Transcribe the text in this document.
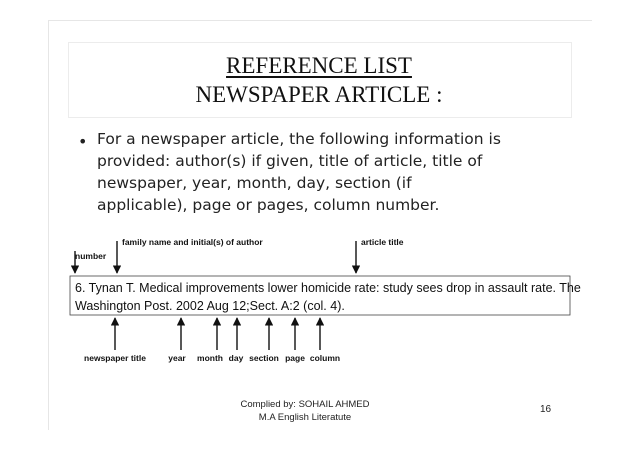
REFERENCE LIST
NEWSPAPER ARTICLE :
• For a newspaper article, the following information is
provided: author(s) if given, title of article, title of
newspaper, year, month, day, section (if
applicable), page or pages, column number.
6. Tynan T. Medical improvements lower homicide rate: study sees drop in assault rate. The
Washington Post. 2002 Aug 12;Sect. A:2 (col. 4).
number
family name and initial(s) of author	article title
newspaper title	year month day section page column
Complied by: SOHAIL AHMED
M.A English Literatute
16
